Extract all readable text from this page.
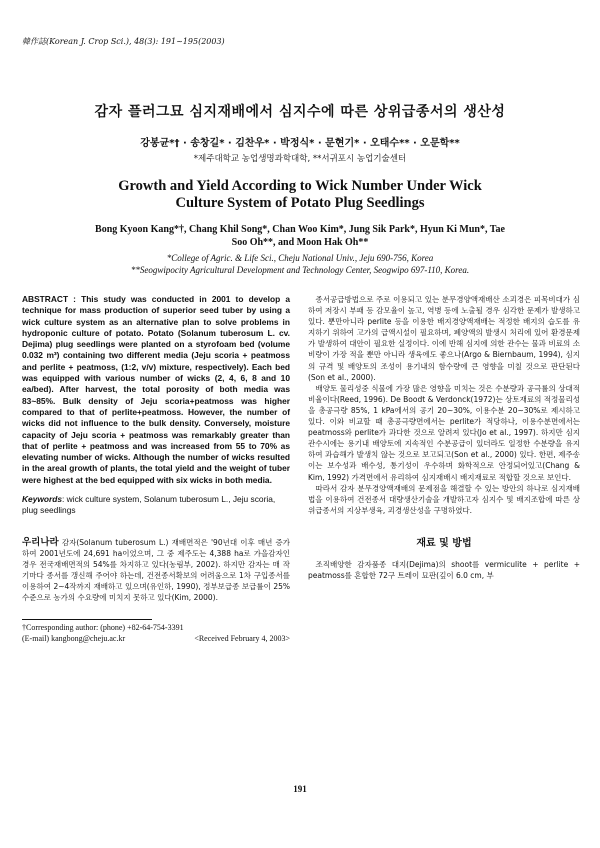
韓作誌(Korean J. Crop Sci.), 48(3): 191~195(2003)
감자 플러그묘 심지재배에서 심지수에 따른 상위급종서의 생산성
강봉균*† · 송창길* · 김찬우* · 박정식* · 문현기* · 오태수** · 오문학**
*제주대학교 농업생명과학대학, **서귀포시 농업기술센터
Growth and Yield According to Wick Number Under Wick Culture System of Potato Plug Seedlings
Bong Kyoon Kang*†, Chang Khil Song*, Chan Woo Kim*, Jung Sik Park*, Hyun Ki Mun*, Tae Soo Oh**, and Moon Hak Oh**
*College of Agric. & Life Sci., Cheju National Univ., Jeju 690-756, Korea
**Seogwipocity Agricultural Development and Technology Center, Seogwipo 697-110, Korea.

ABSTRACT : This study was conducted in 2001 to develop a technique for mass production of superior seed tuber by using a wick culture system as an alternative plan to solve problems in hydroponic culture of potato. Potato (Solanum tuberosum L. cv. Dejima) plug seedlings were planted on a styrofoam bed (volume 0.032 m³) containing two different media (Jeju scoria + peatmoss and perlite + peatmoss, (1:2, v/v) mixture, respectively). Each bed was equipped with various number of wicks (2, 4, 6, 8 and 10 ea/bed). After harvest, the total porosity of both media was 83~85%. Bulk density of Jeju scoria+peatmoss was higher compared to that of perlite+peatmoss. However, the number of wicks did not influence to the bulk density. Conversely, moisture capacity of Jeju scoria + peatmoss was remarkably greater than that of perlite + peatmoss and was increased from 55 to 70% as elevating number of wicks. Although the number of wicks resulted in the areal growth of plants, the total yield and the weight of tuber were highest at the bed equipped with six wicks in both media.

Keywords: wick culture system, Solanum tuberosum L., Jeju scoria, plug seedlings

우리나라 감자(Solanum tuberosum L.) 재배면적은 '90년대 이후 매년 증가하여 2001년도에 24,691 ha이었으며, 그 중 제주도는 4,388 ha로 가을감자인 경우 전국재배면적의 54%를 차지하고 있다(농림부, 2002). 하지만 감자는 매 작기마다 종서를 갱신해 주어야 하는데, 건전종서확보의 어려움으로 1차 구입종서를 이용하여 2~4작까지 재배하고 있으며(유인하, 1990), 정부보급종 보급률이 25% 수준으로 농가의 수요량에 미치지 못하고 있다(Kim, 2000).

†Corresponding author: (phone) +82-64-754-3391

(E-mail) kangbong@cheju.ac.kr	<Received February 4, 2003>

종서공급방법으로 주로 이용되고 있는 분무경양액재배산 소괴경은 피목비대가 심하여 저장시 부패 등 감모율이 높고, 역병 등에 노출될 경우 심각한 문제가 발생하고 있다. 뿐만아니라 perlite 등을 이용한 배지경양액재배는 적정한 배지의 습도를 유지하기 위하여 고가의 급액시설이 필요하며, 폐양액의 발생시 처리에 있어 환경문제가 발생하여 대안이 필요한 실정이다. 이에 반해 심지에 의한 관수는 물과 비료의 소비량이 가장 적을 뿐만 아니라 생육에도 좋으나(Argo & Biernbaum, 1994), 심지의 규격 및 배양토의 조성이 용기내의 함수량에 큰 영향을 미칠 것으로 판단된다(Son et al., 2000).

배양토 물리성중 식물에 가장 많은 영향을 미치는 것은 수분량과 공극률의 상대적 비율이다(Reed, 1996). De Boodt & Verdonck(1972)는 상토재료의 적정물리성을 총공극량 85%, 1 kPa에서의 공기 20~30%, 이용수분 20~30%로 제시하고 있다. 이와 비교할 때 총공극량면에서는 perlite가 적당하나, 이용수분면에서는 peatmoss와 perlite가 과다한 것으로 알려져 있다(Jo et al., 1997). 하지만 심지관수시에는 용기내 배양토에 지속적인 수분공급이 있더라도 일정한 수분량을 유지하여 과습해가 발생치 않는 것으로 보고되고(Son et al., 2000) 있다. 한편, 제주송이는 보수성과 배수성, 통기성이 우수하며 화학적으로 안정되어있고(Chang & Kim, 1992) 가격면에서 유리하여 심지재배시 배지재료로 적합할 것으로 보인다.

따라서 감자 분무경양액재배의 문제점을 해결할 수 있는 방안의 하나로 심지재배법을 이용하여 건전종서 대량생산기술을 개발하고자 심지수 및 배지조합에 따른 상위급종서의 지상부생육, 괴경생산성을 구명하였다.

재료 및 방법

조직배양한 감자품종 대지(Dejima)의 shoot를 vermiculite + perlite + peatmoss를 혼합한 72구 트레이 묘판(깊이 6.0 cm, 부

191
